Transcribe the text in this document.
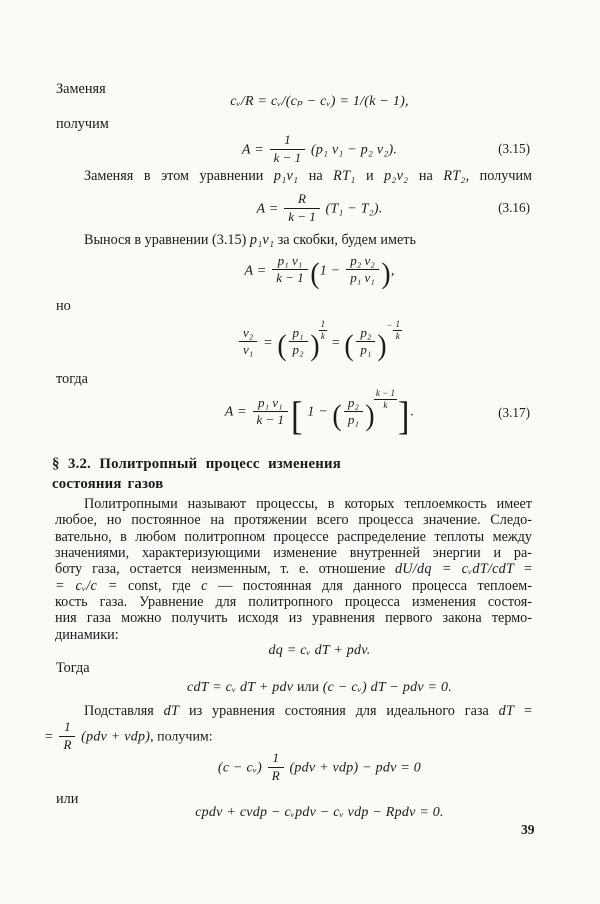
Заменяя
cᵥ/R = cᵥ/(cₚ − cᵥ) = 1/(k − 1),
получим
$A = \frac{1}{k - 1} (p_1$ v₁ − p₂ v₂).	(3.15)
Заменяя в этом уравнении p₁v₁ на RT₁ и p₂v₂ на RT₂, получим
$A = \frac{R}{k - 1} (T_1 - T_2)$.	(3.16)
Вынося в уравнении (3.15) p₁v₁ за скобки, будем иметь
$A = \frac{\text{p₁ v₁}}{k - 1} (1 - \frac{\text{p₂ v₂}}{\text{p₁ v₁}}$ ),
но
$\frac{\text{v₂}}{\text{v₁}}$ = ( $\frac{\text{p₁}}{\text{p₂}}$ ) $\frac{1}{k}$
= ( $\frac{\text{p₂}}{\text{p₁}}$ )− $\frac{1}{k}$
тогда
$A = \frac{\text{p₁ v₁}}{k - 1}$ [ 1 − ( $\frac{\text{p₂}}{\text{p₁}}$ ) $\frac{k - 1}{k}$ ].	(3.17)
§ 3.2. Политропный процесс изменения
состояния газов
Политропными называют процессы, в которых теплоемкость имеет
любое, но постоянное на протяжении всего процесса значение. Следо-
вательно, в любом политропном процессе распределение теплоты между
значениями, характеризующими изменение внутренней энергии и ра-
боту газа, остается неизменным, т. е. отношение dU/dq = cᵥdT/cdT =
= cᵥ/c = const, где c — постоянная для данного процесса теплоем-
кость газа. Уравнение для политропного процесса изменения состоя-
ния газа можно получить исходя из уравнения первого закона термо-
динамики:
dq = cᵥ dT + pdv.
Тогда
cdT = cᵥ dT + pdv или (c − cᵥ) dT − pdv = 0.
Подставляя dT из уравнения состояния для идеального газа dT =
= $\frac{1}{R} (pdv + vdp)$, получим:
(c − cᵥ) $\frac{1}{R} (pdv + vdp)$ − pdv = 0
или
cpdv + cvdp − cᵥpdv − cᵥ vdp − Rpdv = 0.
39
